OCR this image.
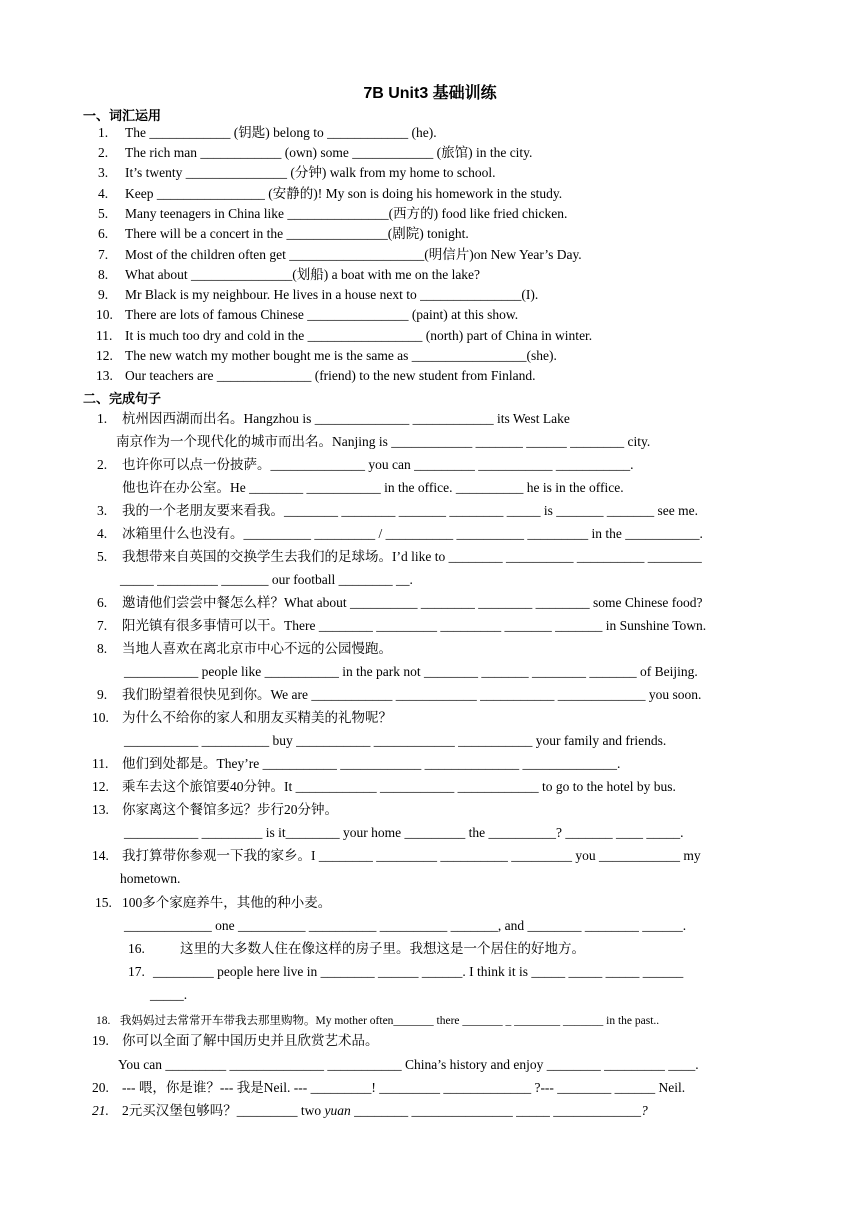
7B Unit3 基础训练
一、词汇运用
1. The ____________ (钥匙) belong to ____________ (he).
2. The rich man ____________ (own) some ____________ (旅馆) in the city.
3. It’s twenty _______________ (分钟) walk from my home to school.
4. Keep ________________ (安静的)! My son is doing his homework in the study.
5. Many teenagers in China like _______________(西方的) food like fried chicken.
6. There will be a concert in the _______________(剧院) tonight.
7. Most of the children often get ____________________(明信片)on New Year’s Day.
8. What about _______________(划船) a boat with me on the lake?
9. Mr Black is my neighbour. He lives in a house next to _______________(I).
10. There are lots of famous Chinese _______________ (paint) at this show.
11. It is much too dry and cold in the _________________ (north) part of China in winter.
12. The new watch my mother bought me is the same as _________________(she).
13. Our teachers are ______________ (friend) to the new student from Finland.
二、完成句子
1. 杭州因西湖而出名。Hangzhou is ______________ ____________ its West Lake
南京作为一个现代化的城市而出名。Nanjing is ____________ _______ ______ ________ city.
2. 也许你可以点一份披萨。______________ you can _________ ___________ ___________.
他也许在办公室。He ________ ___________ in the office. __________ he is in the office.
3. 我的一个老朋友要来看我。________ ________ _______ ________ _____ is _______ _______ see me.
4. 冰箱里什么也没有。__________ _________ / __________ __________ _________ in the ___________.
5. 我想带来自英国的交换学生去我们的足球场。I’d like to ________ __________ __________ ________
_____ _________ _______ our football ________ __.
6. 邀请他们尝尝中餐怎么样？What about __________ ________ ________ ________ some Chinese food?
7. 阳光镇有很多事情可以干。There ________ _________ _________ _______ _______ in Sunshine Town.
8. 当地人喜欢在离北京市中心不远的公园慢跑。
___________ people like ___________ in the park not ________ _______ ________ _______ of Beijing.
9. 我们盼望着很快见到你。We are ____________ ____________ ___________ _____________ you soon.
10. 为什么不给你的家人和朋友买精美的礼物呢？
___________ __________ buy ___________ ____________ ___________ your family and friends.
11. 他们到处都是。They’re ___________ ____________ ______________ ______________.
12. 乘车去这个旅馆要40分钟。It ____________ ___________ ____________ to go to the hotel by bus.
13. 你家离这个餐馆多远？步行20分钟。
___________ _________ is it________ your home _________ the __________? _______ ____ _____.
14. 我打算带你参观一下我的家乡。I ________ _________ __________ _________ you ____________ my
hometown.
15. 100多个家庭养牛，其他的种小麦。
_____________ one __________ __________ __________ _______, and ________ ________ ______.
16.	这里的大多数人住在像这样的房子里。我想这是一个居住的好地方。
17. _________ people here live in ________ ______ ______. I think it is _____ _____ _____ ______
_____.
18. 我妈妈过去常常开车带我去那里购物。My mother often_______ there _______ _ ________ _______ in the past..
19. 你可以全面了解中国历史并且欣赏艺术品。
You can _________ ______________ ___________ China’s history and enjoy ________ _________ ____.
20. --- 喂，你是谁？--- 我是Neil. --- _________! _________ _____________ ?--- ________ ______ Neil.
21. 2元买汉堡包够吗？_________ two yuan ________ _______________ _____ _____________?
